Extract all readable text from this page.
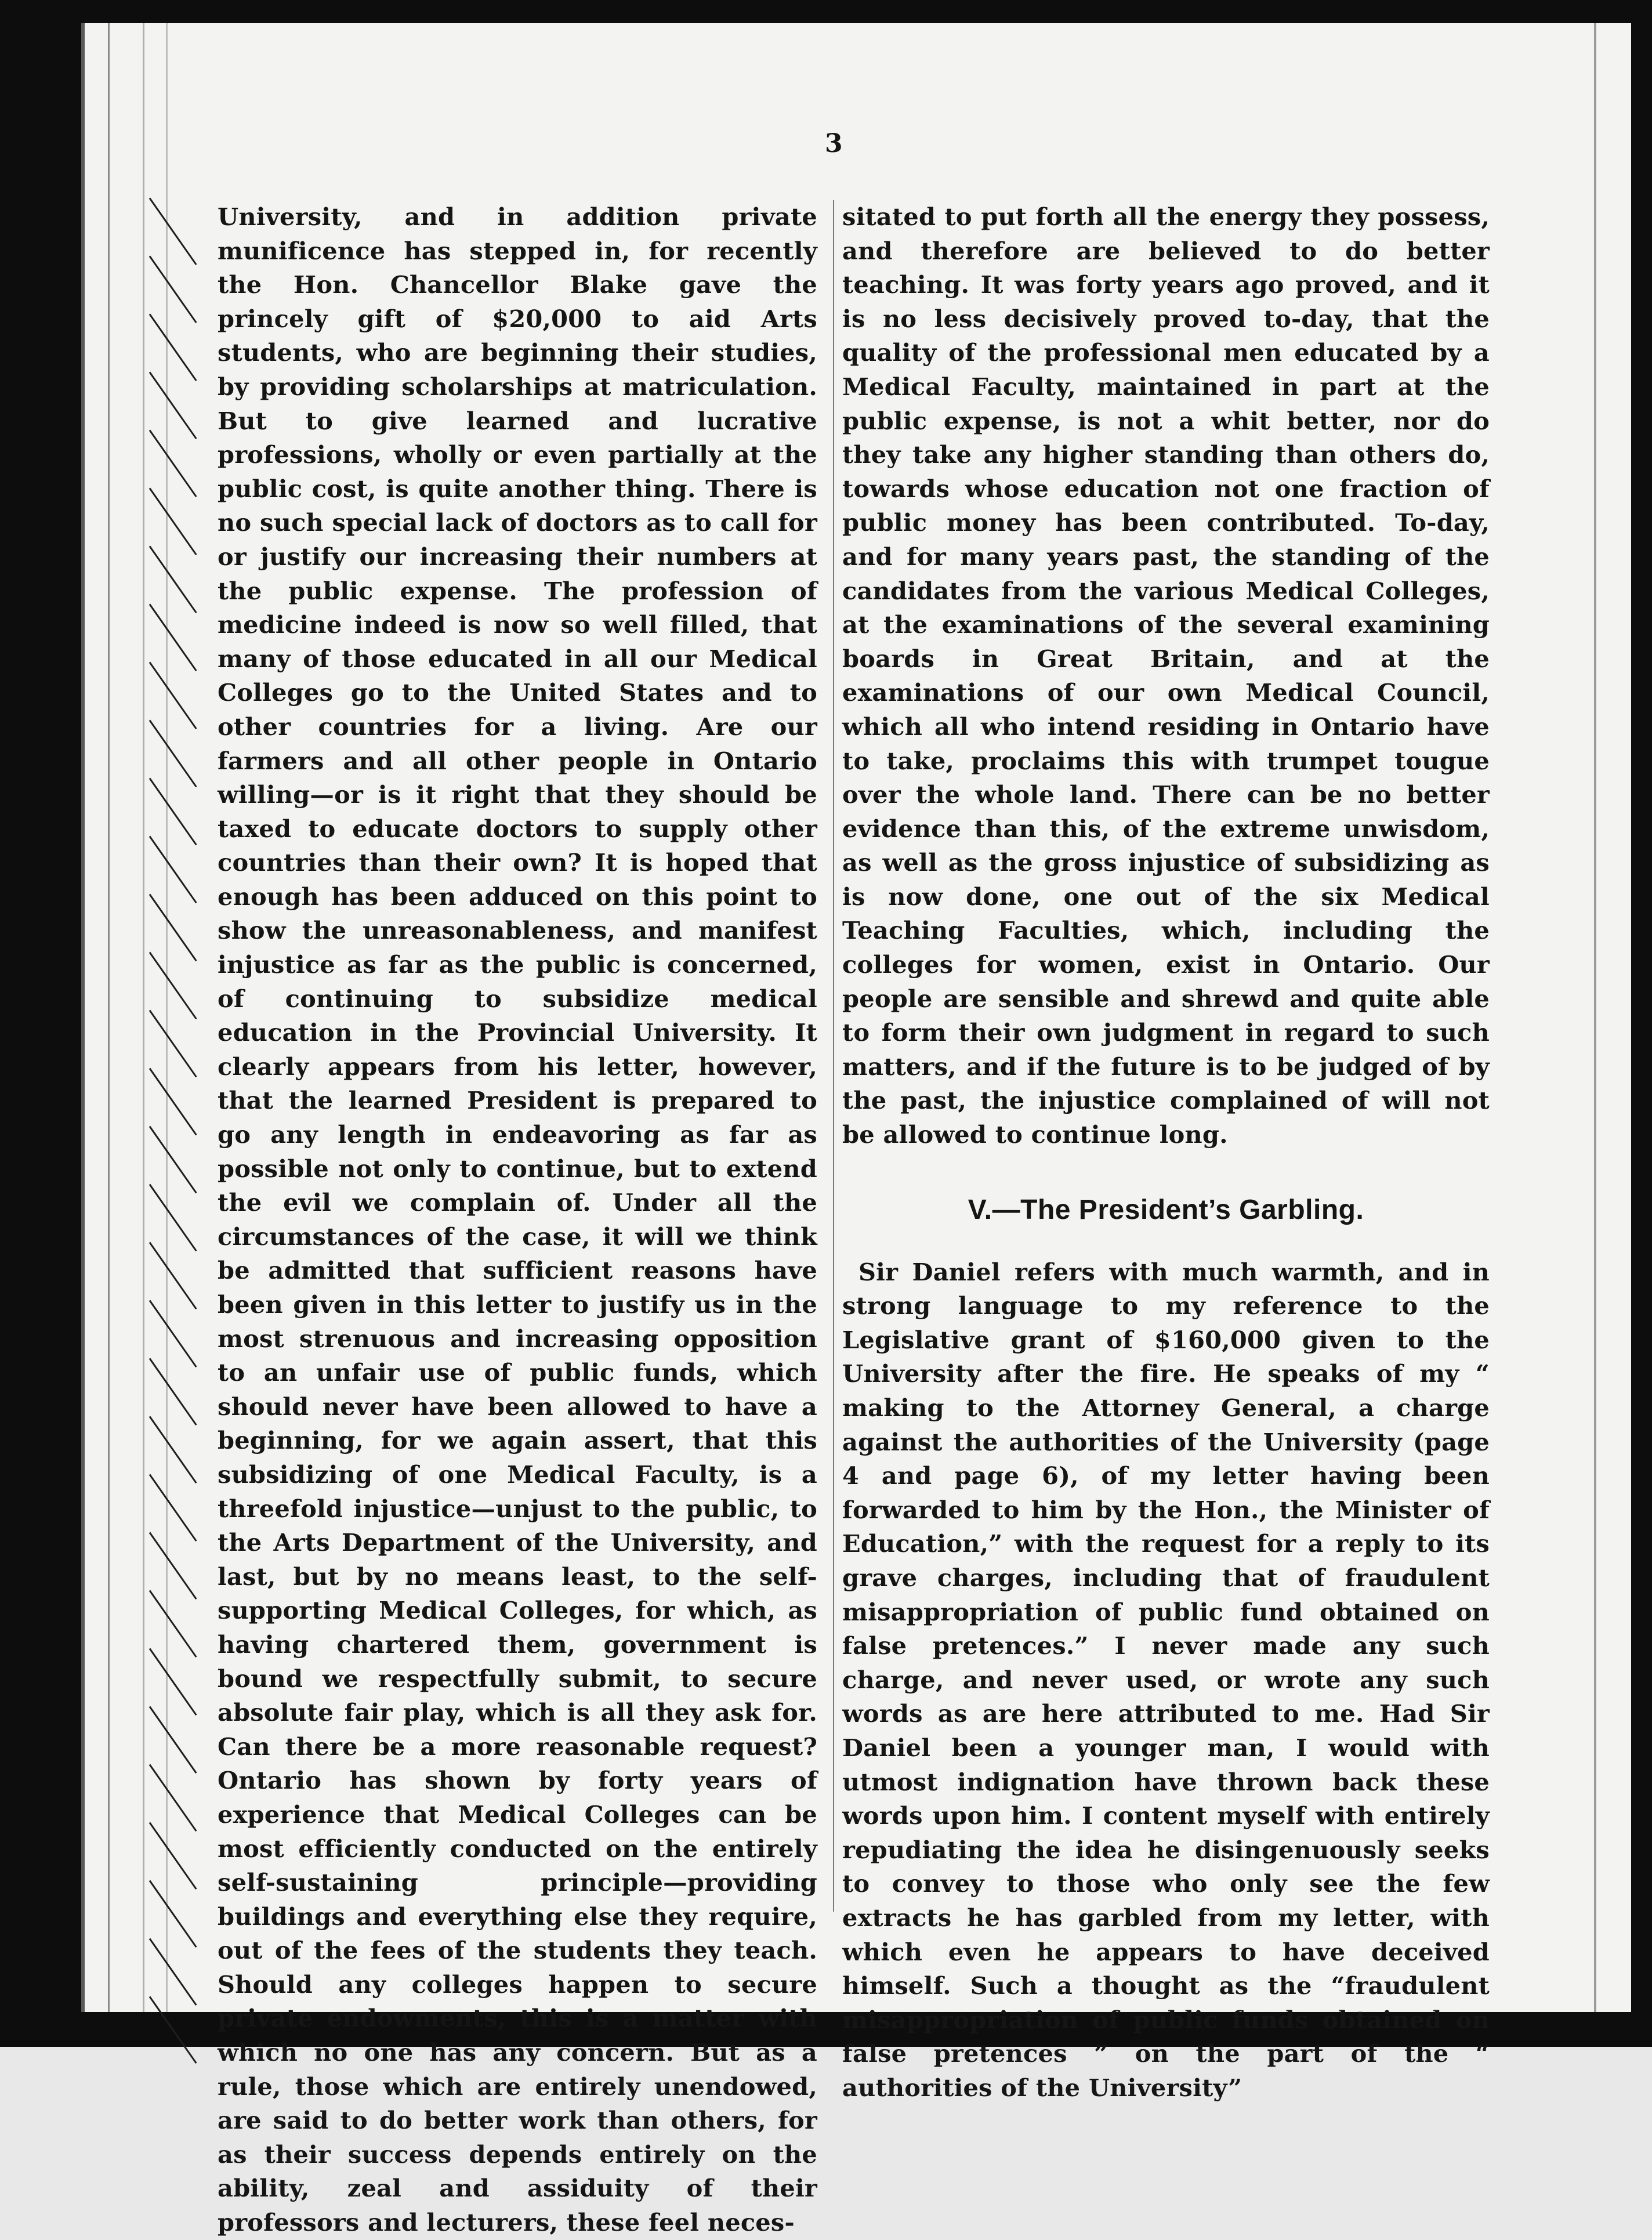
3

University, and in addition private munificence has stepped in, for recently the Hon. Chancellor Blake gave the princely gift of $20,000 to aid Arts students, who are beginning their studies, by providing scholarships at matriculation. But to give learned and lucrative professions, wholly or even partially at the public cost, is quite another thing. There is no such special lack of doctors as to call for or justify our increasing their numbers at the public expense. The profession of medicine indeed is now so well filled, that many of those educated in all our Medical Colleges go to the United States and to other countries for a living. Are our farmers and all other people in Ontario willing—or is it right that they should be taxed to educate doctors to supply other countries than their own? It is hoped that enough has been adduced on this point to show the unreasonableness, and manifest injustice as far as the public is concerned, of continuing to subsidize medical education in the Provincial University. It clearly appears from his letter, however, that the learned President is prepared to go any length in endeavoring as far as possible not only to continue, but to extend the evil we complain of. Under all the circumstances of the case, it will we think be admitted that sufficient reasons have been given in this letter to justify us in the most strenuous and increasing opposition to an unfair use of public funds, which should never have been allowed to have a beginning, for we again assert, that this subsidizing of one Medical Faculty, is a threefold injustice—unjust to the public, to the Arts Department of the University, and last, but by no means least, to the self-supporting Medical Colleges, for which, as having chartered them, government is bound we respectfully submit, to secure absolute fair play, which is all they ask for. Can there be a more reasonable request? Ontario has shown by forty years of experience that Medical Colleges can be most efficiently conducted on the entirely self-sustaining principle—providing buildings and everything else they require, out of the fees of the students they teach. Should any colleges happen to secure private endowments, this is a matter with which no one has any concern. But as a rule, those which are entirely unendowed, are said to do better work than others, for as their success depends entirely on the ability, zeal and assiduity of their professors and lecturers, these feel neces-

sitated to put forth all the energy they possess, and therefore are believed to do better teaching. It was forty years ago proved, and it is no less decisively proved to-day, that the quality of the professional men educated by a Medical Faculty, maintained in part at the public expense, is not a whit better, nor do they take any higher standing than others do, towards whose education not one fraction of public money has been contributed. To-day, and for many years past, the standing of the candidates from the various Medical Colleges, at the examinations of the several examining boards in Great Britain, and at the examinations of our own Medical Council, which all who intend residing in Ontario have to take, proclaims this with trumpet tougue over the whole land. There can be no better evidence than this, of the extreme unwisdom, as well as the gross injustice of subsidizing as is now done, one out of the six Medical Teaching Faculties, which, including the colleges for women, exist in Ontario. Our people are sensible and shrewd and quite able to form their own judgment in regard to such matters, and if the future is to be judged of by the past, the injustice complained of will not be allowed to continue long.

V.—The President’s Garbling.

Sir Daniel refers with much warmth, and in strong language to my reference to the Legislative grant of $160,000 given to the University after the fire. He speaks of my “ making to the Attorney General, a charge against the authorities of the University (page 4 and page 6), of my letter having been forwarded to him by the Hon., the Minister of Education,” with the request for a reply to its grave charges, including that of fraudulent misappropriation of public fund obtained on false pretences.” I never made any such charge, and never used, or wrote any such words as are here attributed to me. Had Sir Daniel been a younger man, I would with utmost indignation have thrown back these words upon him. I content myself with entirely repudiating the idea he disingenuously seeks to convey to those who only see the few extracts he has garbled from my letter, with which even he appears to have deceived himself. Such a thought as the “fraudulent misappropriation of public funds obtained on false pretences ” on the part of the “ authorities of the University”
